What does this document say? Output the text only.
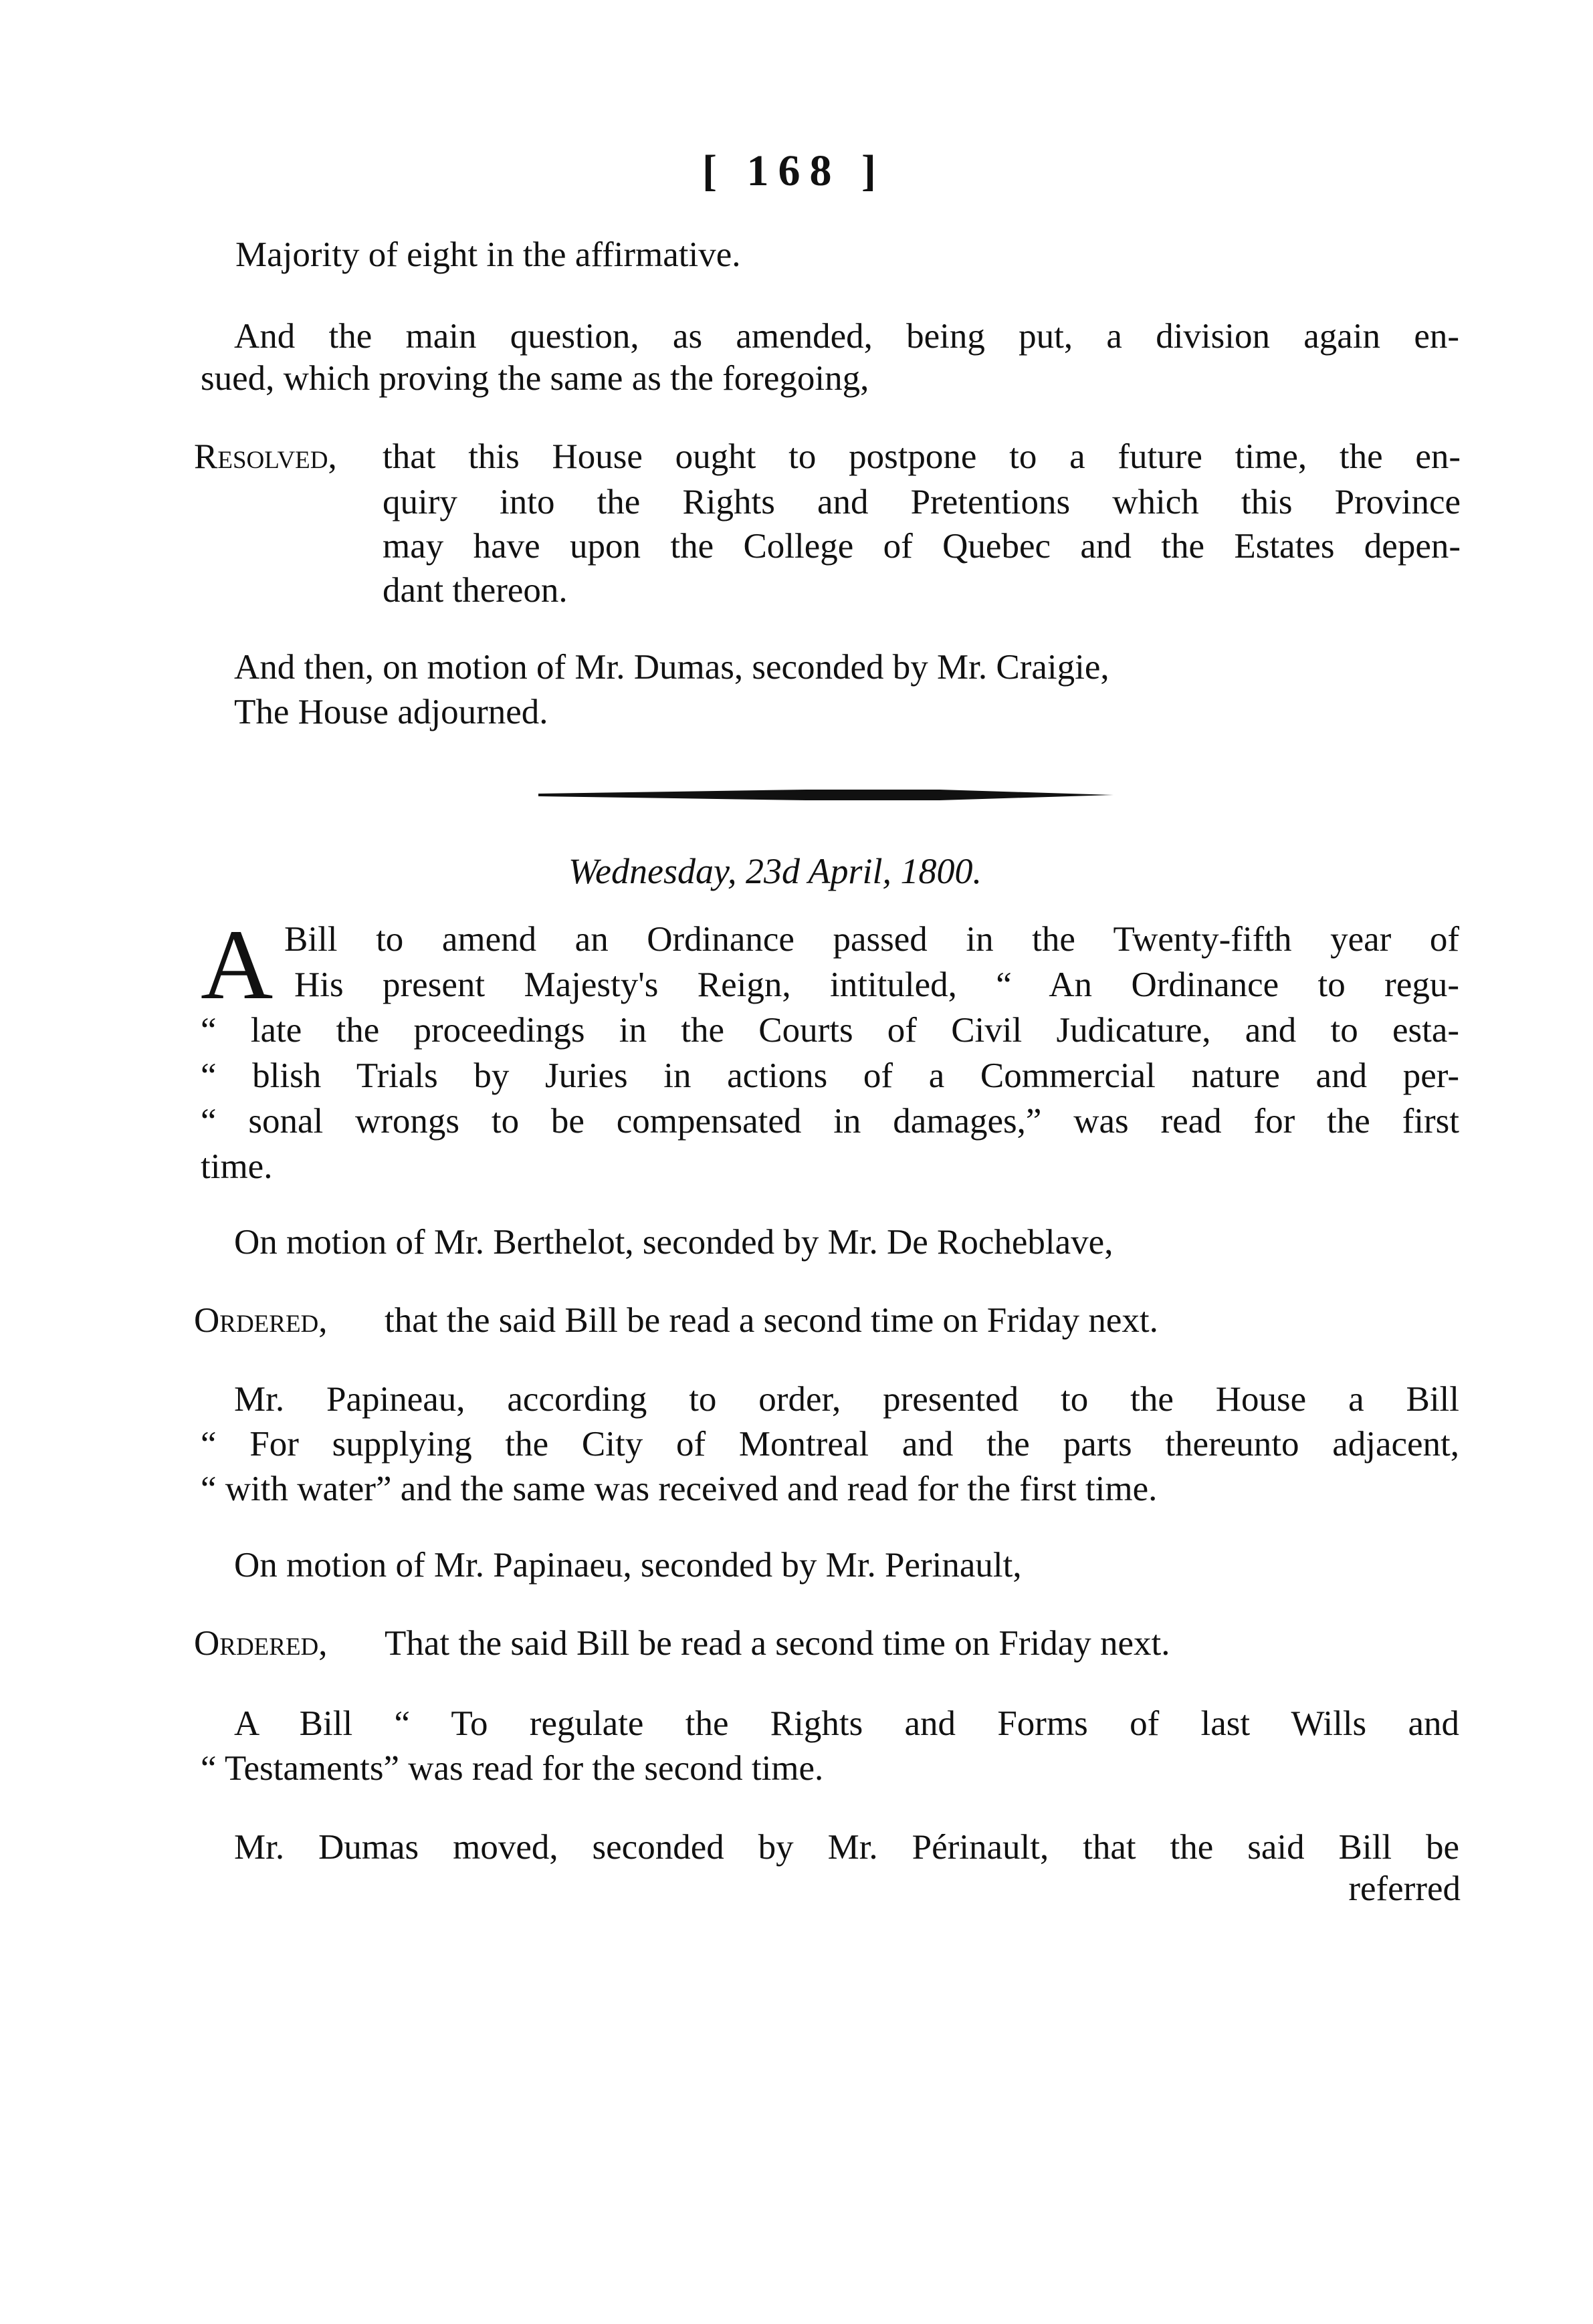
[ 168 ]

Majority of eight in the affirmative.

And the main question, as amended, being put, a division again en-

sued, which proving the same as the foregoing,

Resolved, that this House ought to postpone to a future time, the en-

quiry into the Rights and Pretentions which this Province

may have upon the College of Quebec and the Estates depen-

dant thereon.

And then, on motion of Mr. Dumas, seconded by Mr. Craigie,

The House adjourned.

Wednesday, 23d April, 1800.

A Bill to amend an Ordinance passed in the Twenty-fifth year of

His present Majesty's Reign, intituled, “ An Ordinance to regu-

“ late the proceedings in the Courts of Civil Judicature, and to esta-

“ blish Trials by Juries in actions of a Commercial nature and per-

“ sonal wrongs to be compensated in damages,” was read for the first

time.

On motion of Mr. Berthelot, seconded by Mr. De Rocheblave,

Ordered, that the said Bill be read a second time on Friday next.

Mr. Papineau, according to order, presented to the House a Bill

“ For supplying the City of Montreal and the parts thereunto adjacent,

“ with water” and the same was received and read for the first time.

On motion of Mr. Papinaeu, seconded by Mr. Perinault,

Ordered, That the said Bill be read a second time on Friday next.

A Bill “ To regulate the Rights and Forms of last Wills and

“ Testaments” was read for the second time.

Mr. Dumas moved, seconded by Mr. Périnault, that the said Bill be

referred
